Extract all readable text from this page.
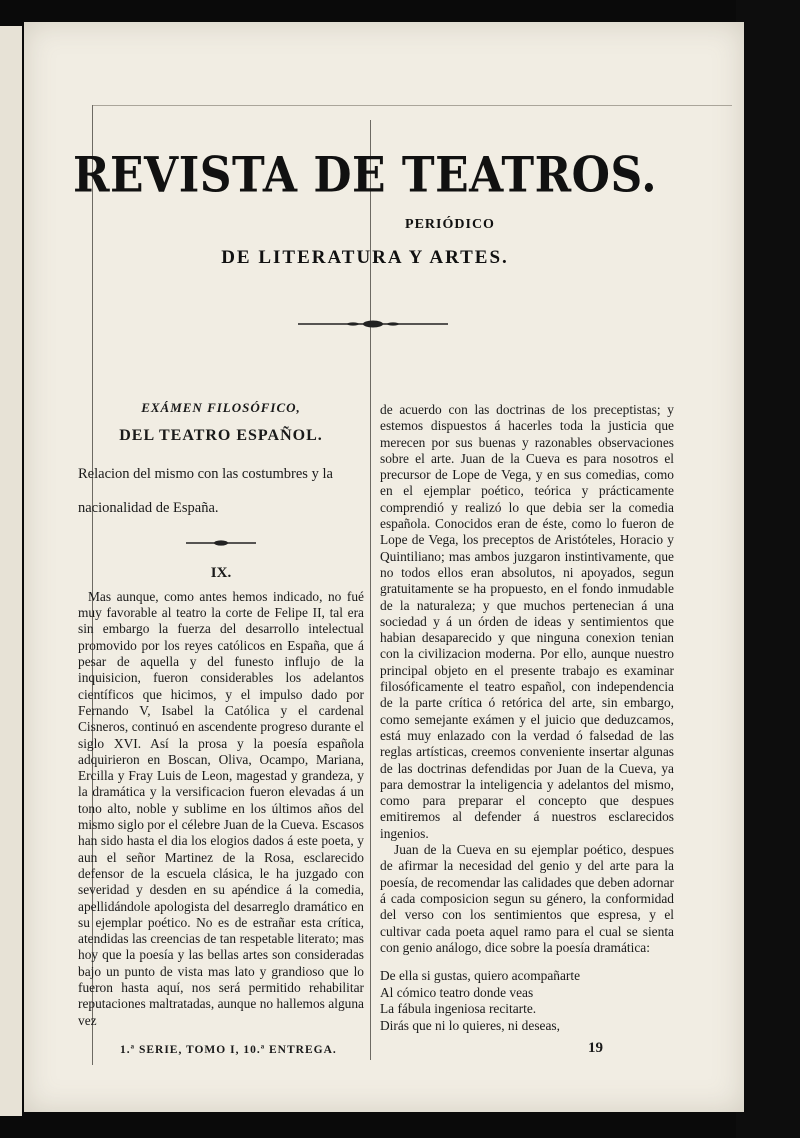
REVISTA DE TEATROS.
PERIÓDICO
DE LITERATURA Y ARTES.
EXÁMEN FILOSÓFICO,
DEL TEATRO ESPAÑOL.
Relacion del mismo con las costumbres y la nacionalidad de España.
IX.

Mas aunque, como antes hemos indicado, no fué muy favorable al teatro la corte de Felipe II, tal era sin embargo la fuerza del desarrollo intelectual promovido por los reyes católicos en España, que á pesar de aquella y del funesto influjo de la inquisicion, fueron considerables los adelantos científicos que hicimos, y el impulso dado por Fernando V, Isabel la Católica y el cardenal Cisneros, continuó en ascendente progreso durante el siglo XVI. Así la prosa y la poesía española adquirieron en Boscan, Oliva, Ocampo, Mariana, Ercilla y Fray Luis de Leon, magestad y grandeza, y la dramática y la versificacion fueron elevadas á un tono alto, noble y sublime en los últimos años del mismo siglo por el célebre Juan de la Cueva. Escasos han sido hasta el dia los elogios dados á este poeta, y aun el señor Martinez de la Rosa, esclarecido defensor de la escuela clásica, le ha juzgado con severidad y desden en su apéndice á la comedia, apellidándole apologista del desarreglo dramático en su ejemplar poético. No es de estrañar esta crítica, atendidas las creencias de tan respetable literato; mas hoy que la poesía y las bellas artes son consideradas bajo un punto de vista mas lato y grandioso que lo fueron hasta aquí, nos será permitido rehabilitar reputaciones maltratadas, aunque no hallemos alguna vez

de acuerdo con las doctrinas de los preceptistas; y estemos dispuestos á hacerles toda la justicia que merecen por sus buenas y razonables observaciones sobre el arte. Juan de la Cueva es para nosotros el precursor de Lope de Vega, y en sus comedias, como en el ejemplar poético, teórica y prácticamente comprendió y realizó lo que debia ser la comedia española. Conocidos eran de éste, como lo fueron de Lope de Vega, los preceptos de Aristóteles, Horacio y Quintiliano; mas ambos juzgaron instintivamente, que no todos ellos eran absolutos, ni apoyados, segun gratuitamente se ha propuesto, en el fondo inmudable de la naturaleza; y que muchos pertenecian á una sociedad y á un órden de ideas y sentimientos que habian desaparecido y que ninguna conexion tenian con la civilizacion moderna. Por ello, aunque nuestro principal objeto en el presente trabajo es examinar filosóficamente el teatro español, con independencia de la parte crítica ó retórica del arte, sin embargo, como semejante exámen y el juicio que deduzcamos, está muy enlazado con la verdad ó falsedad de las reglas artísticas, creemos conveniente insertar algunas de las doctrinas defendidas por Juan de la Cueva, ya para demostrar la inteligencia y adelantos del mismo, como para preparar el concepto que despues emitiremos al defender á nuestros esclarecidos ingenios.

Juan de la Cueva en su ejemplar poético, despues de afirmar la necesidad del genio y del arte para la poesía, de recomendar las calidades que deben adornar á cada composicion segun su género, la conformidad del verso con los sentimientos que espresa, y el cultivar cada poeta aquel ramo para el cual se sienta con genio análogo, dice sobre la poesía dramática:

De ella si gustas, quiero acompañarte
Al cómico teatro donde veas
La fábula ingeniosa recitarte.
Dirás que ni lo quieres, ni deseas,
1.ª SERIE, TOMO I, 10.ª ENTREGA.	19
